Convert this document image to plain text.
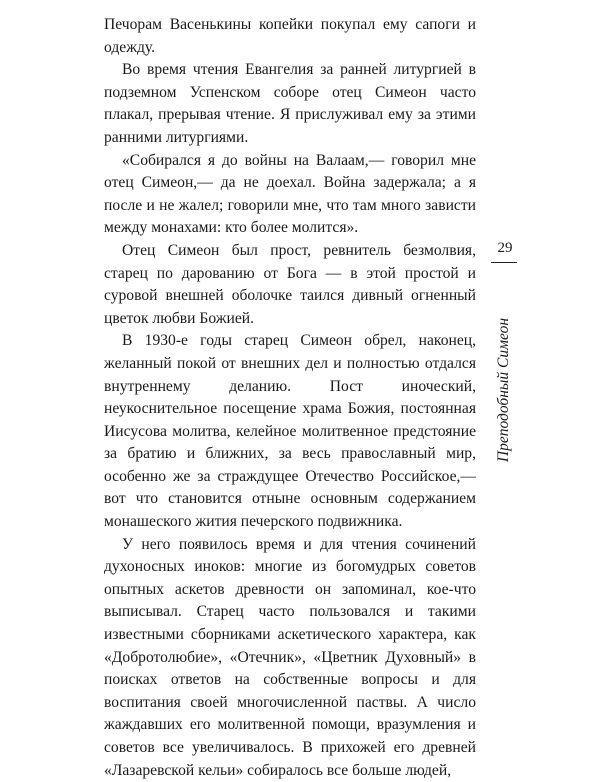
Печорам Васенькины копейки покупал ему сапоги и одежду.

Во время чтения Евангелия за ранней литургией в подземном Успенском соборе отец Симеон часто плакал, прерывая чтение. Я прислуживал ему за этими ранними литургиями.

«Собирался я до войны на Валаам,— говорил мне отец Симеон,— да не доехал. Война задержала; а я после и не жалел; говорили мне, что там много зависти между монахами: кто более молится».

Отец Симеон был прост, ревнитель безмолвия, старец по дарованию от Бога — в этой простой и суровой внешней оболочке таился дивный огненный цветок любви Божией.

В 1930-е годы старец Симеон обрел, наконец, желанный покой от внешних дел и полностью отдался внутреннему деланию. Пост иноческий, неукоснительное посещение храма Божия, постоянная Иисусова молитва, келейное молитвенное предстояние за братию и ближних, за весь православный мир, особенно же за страждущее Отечество Российское,— вот что становится отныне основным содержанием монашеского жития печерского подвижника.

У него появилось время и для чтения сочинений духоносных иноков: многие из богомудрых советов опытных аскетов древности он запоминал, кое-что выписывал. Старец часто пользовался и такими известными сборниками аскетического характера, как «Добротолюбие», «Отечник», «Цветник Духовный» в поисках ответов на собственные вопросы и для воспитания своей многочисленной паствы. А число жаждавших его молитвенной помощи, вразумления и советов все увеличивалось. В прихожей его древней «Лазаревской кельи» собиралось все больше людей,

29
Преподобный Симеон
